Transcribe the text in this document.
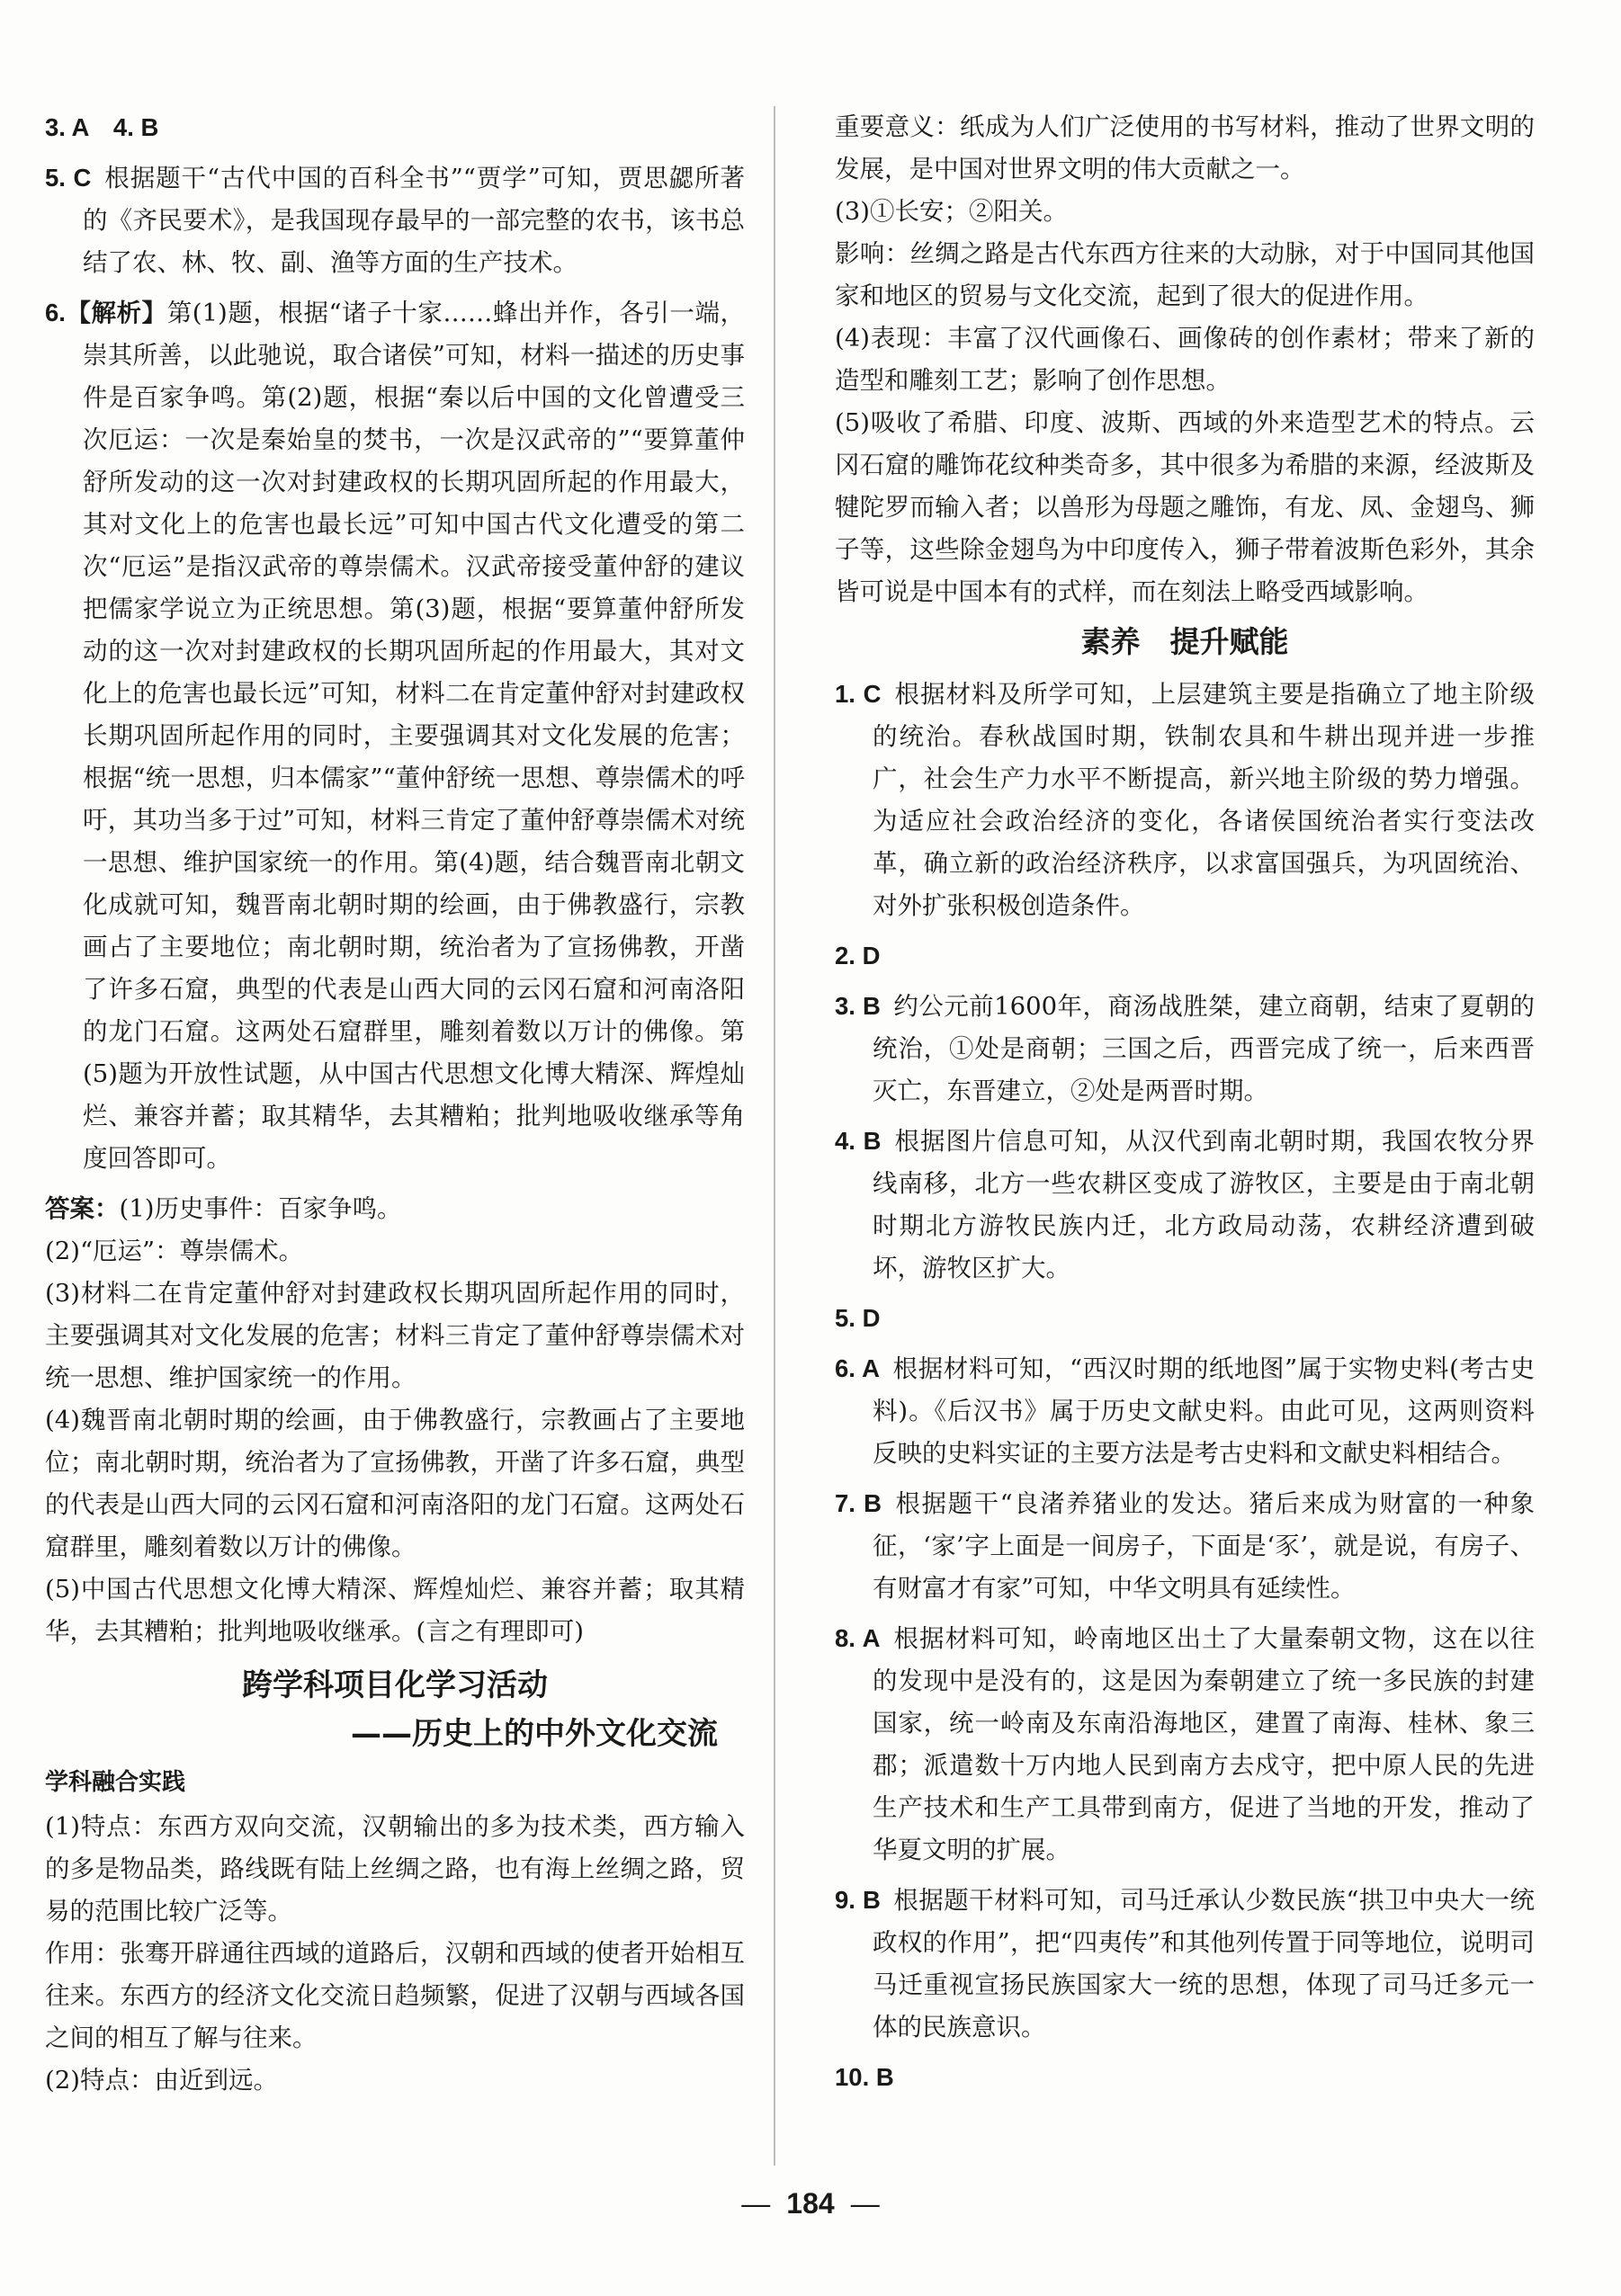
3. A　4. B

5. C 根据题干“古代中国的百科全书”“贾学”可知，贾思勰所著的《齐民要术》，是我国现存最早的一部完整的农书，该书总结了农、林、牧、副、渔等方面的生产技术。

6.【解析】第(1)题，根据“诸子十家……蜂出并作，各引一端，崇其所善，以此驰说，取合诸侯”可知，材料一描述的历史事件是百家争鸣。第(2)题，根据“秦以后中国的文化曾遭受三次厄运：一次是秦始皇的焚书，一次是汉武帝的”“要算董仲舒所发动的这一次对封建政权的长期巩固所起的作用最大，其对文化上的危害也最长远”可知中国古代文化遭受的第二次“厄运”是指汉武帝的尊崇儒术。汉武帝接受董仲舒的建议把儒家学说立为正统思想。第(3)题，根据“要算董仲舒所发动的这一次对封建政权的长期巩固所起的作用最大，其对文化上的危害也最长远”可知，材料二在肯定董仲舒对封建政权长期巩固所起作用的同时，主要强调其对文化发展的危害；根据“统一思想，归本儒家”“董仲舒统一思想、尊崇儒术的呼吁，其功当多于过”可知，材料三肯定了董仲舒尊崇儒术对统一思想、维护国家统一的作用。第(4)题，结合魏晋南北朝文化成就可知，魏晋南北朝时期的绘画，由于佛教盛行，宗教画占了主要地位；南北朝时期，统治者为了宣扬佛教，开凿了许多石窟，典型的代表是山西大同的云冈石窟和河南洛阳的龙门石窟。这两处石窟群里，雕刻着数以万计的佛像。第(5)题为开放性试题，从中国古代思想文化博大精深、辉煌灿烂、兼容并蓄；取其精华，去其糟粕；批判地吸收继承等角度回答即可。

答案：(1)历史事件：百家争鸣。

(2)“厄运”：尊崇儒术。

(3)材料二在肯定董仲舒对封建政权长期巩固所起作用的同时，主要强调其对文化发展的危害；材料三肯定了董仲舒尊崇儒术对统一思想、维护国家统一的作用。

(4)魏晋南北朝时期的绘画，由于佛教盛行，宗教画占了主要地位；南北朝时期，统治者为了宣扬佛教，开凿了许多石窟，典型的代表是山西大同的云冈石窟和河南洛阳的龙门石窟。这两处石窟群里，雕刻着数以万计的佛像。

(5)中国古代思想文化博大精深、辉煌灿烂、兼容并蓄；取其精华，去其糟粕；批判地吸收继承。(言之有理即可)

跨学科项目化学习活动
——历史上的中外文化交流
学科融合实践

(1)特点：东西方双向交流，汉朝输出的多为技术类，西方输入的多是物品类，路线既有陆上丝绸之路，也有海上丝绸之路，贸易的范围比较广泛等。

作用：张骞开辟通往西域的道路后，汉朝和西域的使者开始相互往来。东西方的经济文化交流日趋频繁，促进了汉朝与西域各国之间的相互了解与往来。

(2)特点：由近到远。

重要意义：纸成为人们广泛使用的书写材料，推动了世界文明的发展，是中国对世界文明的伟大贡献之一。

(3)①长安；②阳关。

影响：丝绸之路是古代东西方往来的大动脉，对于中国同其他国家和地区的贸易与文化交流，起到了很大的促进作用。

(4)表现：丰富了汉代画像石、画像砖的创作素材；带来了新的造型和雕刻工艺；影响了创作思想。

(5)吸收了希腊、印度、波斯、西域的外来造型艺术的特点。云冈石窟的雕饰花纹种类奇多，其中很多为希腊的来源，经波斯及犍陀罗而输入者；以兽形为母题之雕饰，有龙、凤、金翅鸟、狮子等，这些除金翅鸟为中印度传入，狮子带着波斯色彩外，其余皆可说是中国本有的式样，而在刻法上略受西域影响。

素养　提升赋能

1. C 根据材料及所学可知，上层建筑主要是指确立了地主阶级的统治。春秋战国时期，铁制农具和牛耕出现并进一步推广，社会生产力水平不断提高，新兴地主阶级的势力增强。为适应社会政治经济的变化，各诸侯国统治者实行变法改革，确立新的政治经济秩序，以求富国强兵，为巩固统治、对外扩张积极创造条件。

2. D

3. B 约公元前1600年，商汤战胜桀，建立商朝，结束了夏朝的统治，①处是商朝；三国之后，西晋完成了统一，后来西晋灭亡，东晋建立，②处是两晋时期。

4. B 根据图片信息可知，从汉代到南北朝时期，我国农牧分界线南移，北方一些农耕区变成了游牧区，主要是由于南北朝时期北方游牧民族内迁，北方政局动荡，农耕经济遭到破坏，游牧区扩大。

5. D

6. A 根据材料可知，“西汉时期的纸地图”属于实物史料(考古史料)。《后汉书》属于历史文献史料。由此可见，这两则资料反映的史料实证的主要方法是考古史料和文献史料相结合。

7. B 根据题干“良渚养猪业的发达。猪后来成为财富的一种象征，‘家’字上面是一间房子，下面是‘豕’，就是说，有房子、有财富才有家”可知，中华文明具有延续性。

8. A 根据材料可知，岭南地区出土了大量秦朝文物，这在以往的发现中是没有的，这是因为秦朝建立了统一多民族的封建国家，统一岭南及东南沿海地区，建置了南海、桂林、象三郡；派遣数十万内地人民到南方去戍守，把中原人民的先进生产技术和生产工具带到南方，促进了当地的开发，推动了华夏文明的扩展。

9. B 根据题干材料可知，司马迁承认少数民族“拱卫中央大一统政权的作用”，把“四夷传”和其他列传置于同等地位，说明司马迁重视宣扬民族国家大一统的思想，体现了司马迁多元一体的民族意识。

10. B

— 184 —
